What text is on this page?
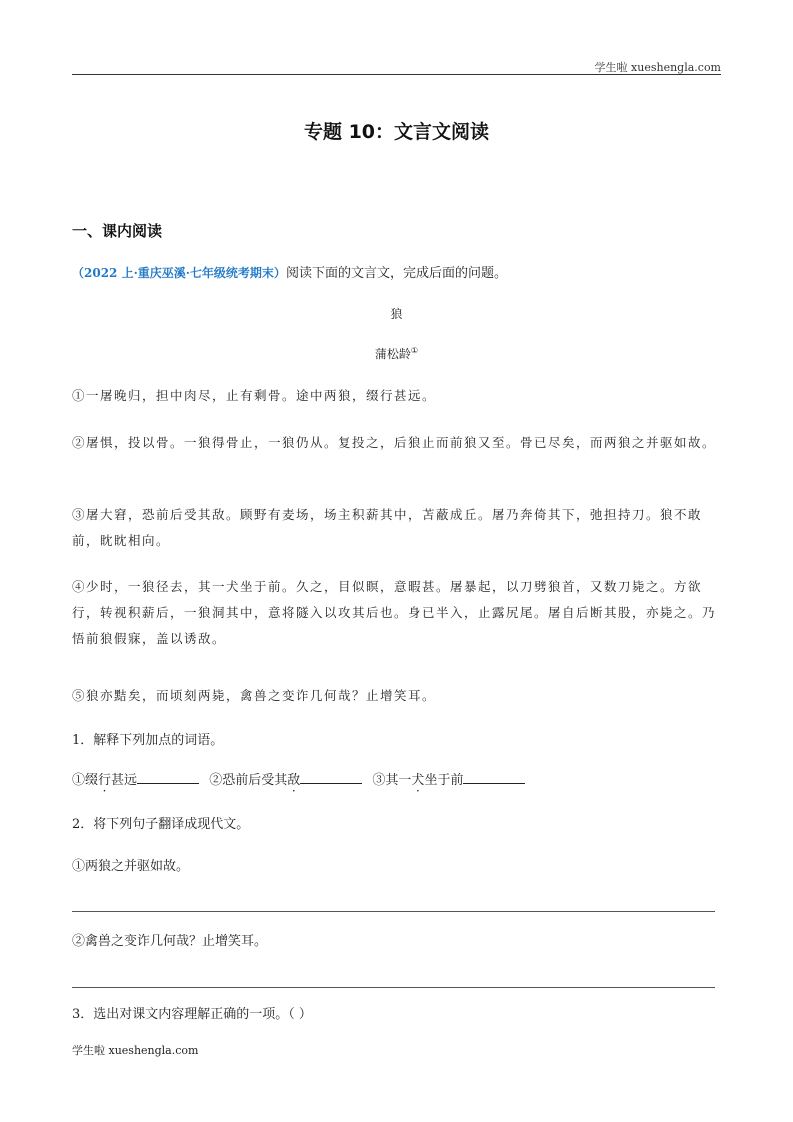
学生啦 xueshengla.com
专题 10：文言文阅读
一、课内阅读
（2022 上·重庆巫溪·七年级统考期末）阅读下面的文言文，完成后面的问题。
狼
蒲松龄①
①一屠晚归，担中肉尽，止有剩骨。途中两狼，缀行甚远。
②屠惧，投以骨。一狼得骨止，一狼仍从。复投之，后狼止而前狼又至。骨已尽矣，而两狼之并驱如故。
③屠大窘，恐前后受其敌。顾野有麦场，场主积薪其中，苫蔽成丘。屠乃奔倚其下，弛担持刀。狼不敢前，眈眈相向。
④少时，一狼径去，其一犬坐于前。久之，目似瞑，意暇甚。屠暴起，以刀劈狼首，又数刀毙之。方欲行，转视积薪后，一狼洞其中，意将隧入以攻其后也。身已半入，止露尻尾。屠自后断其股，亦毙之。乃悟前狼假寐，盖以诱敌。
⑤狼亦黠矣，而顷刻两毙，禽兽之变诈几何哉？止增笑耳。
1．解释下列加点的词语。
①缀行甚远	②恐前后受其敌	③其一犬坐于前
2．将下列句子翻译成现代文。
①两狼之并驱如故。
②禽兽之变诈几何哉？止增笑耳。
3．选出对课文内容理解正确的一项。（ ）
学生啦 xueshengla.com
